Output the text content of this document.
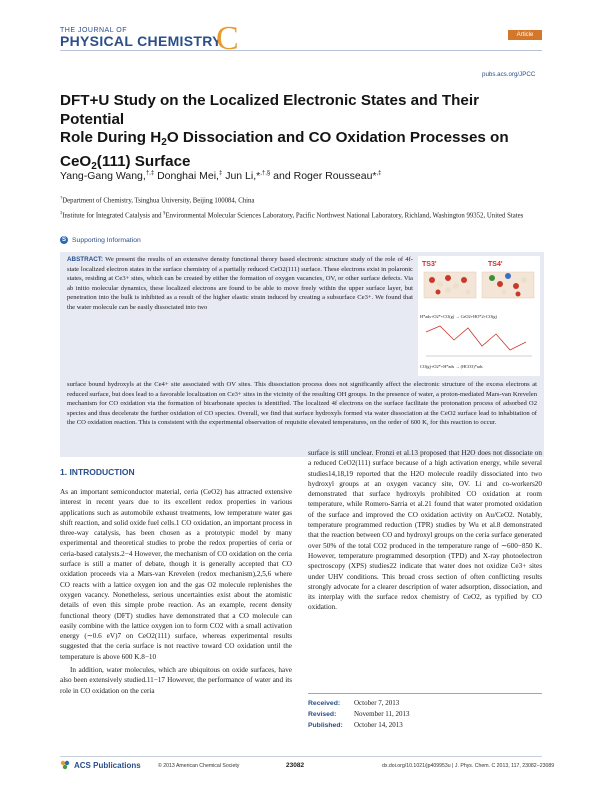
THE JOURNAL OF
PHYSICAL CHEMISTRY
C	Article
pubs.acs.org/JPCC
DFT+U Study on the Localized Electronic States and Their Potential
Role During $H_2O$ Dissociation and CO Oxidation Processes on
CeO$_2$(111) Surface
Yang-Gang Wang,†,‡ Donghai Mei,‡ Jun Li,*,†,§ and Roger Rousseau*,‡
†Department of Chemistry, Tsinghua University, Beijing 100084, China
‡Institute for Integrated Catalysis and §Environmental Molecular Sciences Laboratory, Pacific Northwest National Laboratory, Richland, Washington 99352, United States
S Supporting Information
ABSTRACT: We present the results of an extensive density functional theory based electronic structure study of the role of 4f-state localized electron states in the surface chemistry of a partially reduced CeO2(111) surface. These electrons exist in polaronic states, residing at Ce3+ sites, which can be created by either the formation of oxygen vacancies, OV, or other surface defects. Via ab initio molecular dynamics, these localized electrons are found to be able to move freely within the upper surface layer, but penetration into the bulk is inhibited as a result of the higher elastic strain induced by creating a subsurface Ce3+. We found that the water molecule can be easily dissociated into two
surface bound hydroxyls at the Ce4+ site associated with OV sites. This dissociation process does not significantly affect the electronic structure of the excess electrons at reduced surface, but does lead to a favorable localization on Ce3+ sites in the vicinity of the resulting OH groups. In the presence of water, a proton-mediated Mars-van Krevelen mechanism for CO oxidation via the formation of bicarbonate species is identified. The localized 4f electrons on the surface facilitate the protonation process of adsorbed O2 species and thus decelerate the further oxidation of CO species. Overall, we find that surface hydroxyls formed via water dissociation at the CeO2 surface lead to inhabitation of the CO oxidation reaction. This is consistent with the experimental observation of requisite elevated temperatures, on the order of 600 K, for this reaction to occur.
TS3'	TS4'
H*ads+O2*+CO(g) → CeO2+HO*2+CO(g)
CO(g)+O2*+H*ads → (HCO3)*ads
1. INTRODUCTION

As an important semiconductor material, ceria (CeO2) has attracted extensive interest in recent years due to its excellent redox properties in various applications such as automobile exhaust treatments, low temperature water gas shift reaction, and solid oxide fuel cells.1 CO oxidation, an important process in three-way catalysis, has been chosen as a prototypic model by many experimental and theoretical studies to probe the redox properties of ceria or ceria-based catalysts.2−4 However, the mechanism of CO oxidation on the ceria surface is still a matter of debate, though it is generally accepted that CO oxidation proceeds via a Mars-van Krevelen (redox mechanism),2,5,6 where CO reacts with a lattice oxygen ion and the gas O2 molecule replenishes the oxygen vacancy. Nonetheless, serious uncertainties exist about the atomistic details of even this simple probe reaction. As an example, recent density functional theory (DFT) studies have demonstrated that a CO molecule can easily combine with the lattice oxygen ion to form CO2 with a small activation energy (∼0.6 eV)7 on CeO2(111) surface, whereas experimental results suggested that the ceria surface is not reactive toward CO oxidation until the temperature is above 600 K.8−10

In addition, water molecules, which are ubiquitous on oxide surfaces, have also been extensively studied.11−17 However, the performance of water and its role in CO oxidation on the ceria

surface is still unclear. Fronzi et al.13 proposed that H2O does not dissociate on a reduced CeO2(111) surface because of a high activation energy, while several studies14,18,19 reported that the H2O molecule readily dissociated into two hydroxyl groups at an oxygen vacancy site, OV. Li and co-workers20 demonstrated that surface hydroxyls prohibited CO oxidation at room temperature, while Romero-Sarria et al.21 found that water promoted oxidation of the surface and improved the CO oxidation activity on Au/CeO2. Notably, temperature programmed reduction (TPR) studies by Wu et al.8 demonstrated that the reaction between CO and hydroxyl groups on the ceria surface generated over 50% of the total CO2 produced in the temperature range of ∼600−850 K. However, temperature programmed desorption (TPD) and X-ray photoelectron spectroscopy (XPS) studies22 indicate that water does not oxidize Ce3+ sites under UHV conditions. This broad cross section of often conflicting results strongly advocate for a clearer description of water adsorption, dissociation, and its interplay with the surface redox chemistry of CeO2, as typified by CO oxidation.

Received: October 7, 2013
Revised:	November 11, 2013
Published: October 14, 2013
ACS Publications	© 2013 American Chemical Society	23082	dx.doi.org/10.1021/jp409953u | J. Phys. Chem. C 2013, 117, 23082−23089
